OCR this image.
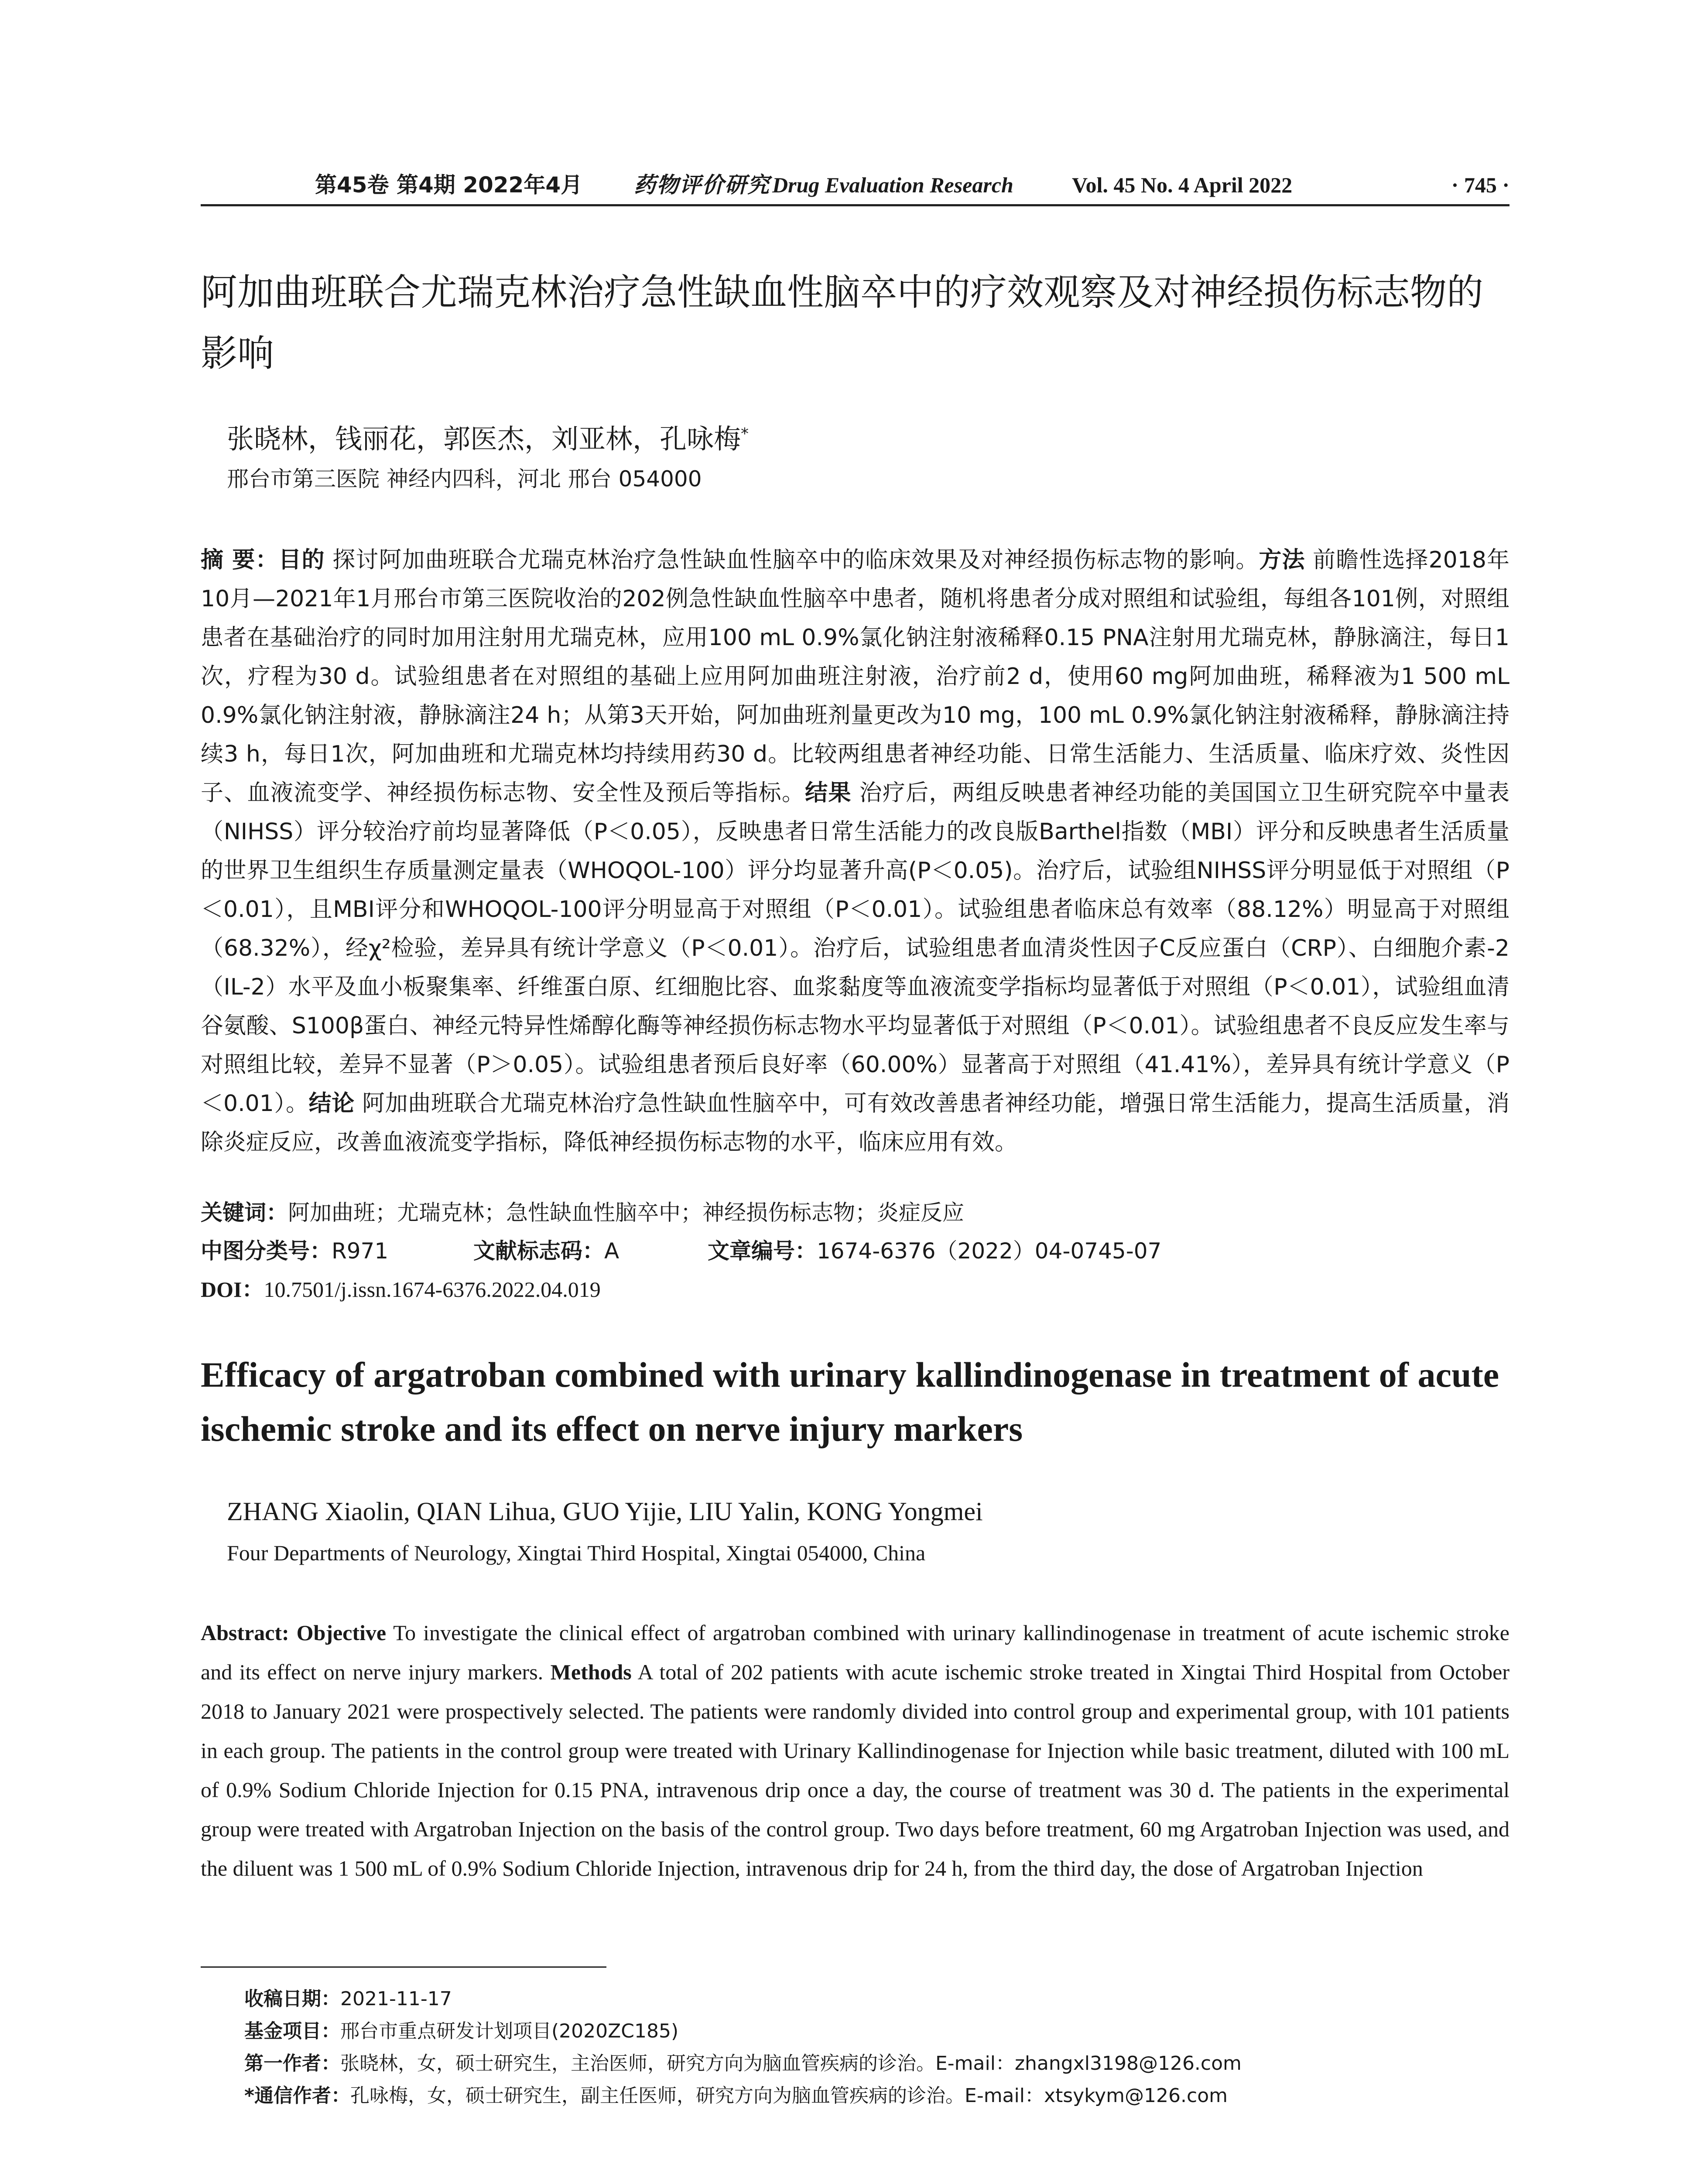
第45卷 第4期 2022年4月 药物评价研究 Drug Evaluation Research	Vol. 45 No. 4 April 2022	· 745 ·
阿加曲班联合尤瑞克林治疗急性缺血性脑卒中的疗效观察及对神经损伤标志物的影响
张晓林，钱丽花，郭医杰，刘亚林，孔咏梅*
邢台市第三医院 神经内四科，河北 邢台 054000

摘 要：目的 探讨阿加曲班联合尤瑞克林治疗急性缺血性脑卒中的临床效果及对神经损伤标志物的影响。方法 前瞻性选择2018年10月—2021年1月邢台市第三医院收治的202例急性缺血性脑卒中患者，随机将患者分成对照组和试验组，每组各101例，对照组患者在基础治疗的同时加用注射用尤瑞克林，应用100 mL 0.9%氯化钠注射液稀释0.15 PNA注射用尤瑞克林，静脉滴注，每日1次，疗程为30 d。试验组患者在对照组的基础上应用阿加曲班注射液，治疗前2 d，使用60 mg阿加曲班，稀释液为1 500 mL 0.9%氯化钠注射液，静脉滴注24 h；从第3天开始，阿加曲班剂量更改为10 mg，100 mL 0.9%氯化钠注射液稀释，静脉滴注持续3 h，每日1次，阿加曲班和尤瑞克林均持续用药30 d。比较两组患者神经功能、日常生活能力、生活质量、临床疗效、炎性因子、血液流变学、神经损伤标志物、安全性及预后等指标。结果 治疗后，两组反映患者神经功能的美国国立卫生研究院卒中量表（NIHSS）评分较治疗前均显著降低（P＜0.05），反映患者日常生活能力的改良版Barthel指数（MBI）评分和反映患者生活质量的世界卫生组织生存质量测定量表（WHOQOL-100）评分均显著升高(P＜0.05)。治疗后，试验组NIHSS评分明显低于对照组（P＜0.01），且MBI评分和WHOQOL-100评分明显高于对照组（P＜0.01）。试验组患者临床总有效率（88.12%）明显高于对照组（68.32%），经χ²检验，差异具有统计学意义（P＜0.01）。治疗后，试验组患者血清炎性因子C反应蛋白（CRP）、白细胞介素-2（IL-2）水平及血小板聚集率、纤维蛋白原、红细胞比容、血浆黏度等血液流变学指标均显著低于对照组（P＜0.01），试验组血清谷氨酸、S100β蛋白、神经元特异性烯醇化酶等神经损伤标志物水平均显著低于对照组（P＜0.01）。试验组患者不良反应发生率与对照组比较，差异不显著（P＞0.05）。试验组患者预后良好率（60.00%）显著高于对照组（41.41%），差异具有统计学意义（P＜0.01）。结论 阿加曲班联合尤瑞克林治疗急性缺血性脑卒中，可有效改善患者神经功能，增强日常生活能力，提高生活质量，消除炎症反应，改善血液流变学指标，降低神经损伤标志物的水平，临床应用有效。

关键词：阿加曲班；尤瑞克林；急性缺血性脑卒中；神经损伤标志物；炎症反应
中图分类号：R971	文献标志码：A	文章编号：1674-6376（2022）04-0745-07
DOI：10.7501/j.issn.1674-6376.2022.04.019
Efficacy of argatroban combined with urinary kallindinogenase in treatment of acute ischemic stroke and its effect on nerve injury markers
ZHANG Xiaolin, QIAN Lihua, GUO Yijie, LIU Yalin, KONG Yongmei
Four Departments of Neurology, Xingtai Third Hospital, Xingtai 054000, China

Abstract: Objective To investigate the clinical effect of argatroban combined with urinary kallindinogenase in treatment of acute ischemic stroke and its effect on nerve injury markers. Methods A total of 202 patients with acute ischemic stroke treated in Xingtai Third Hospital from October 2018 to January 2021 were prospectively selected. The patients were randomly divided into control group and experimental group, with 101 patients in each group. The patients in the control group were treated with Urinary Kallindinogenase for Injection while basic treatment, diluted with 100 mL of 0.9% Sodium Chloride Injection for 0.15 PNA, intravenous drip once a day, the course of treatment was 30 d. The patients in the experimental group were treated with Argatroban Injection on the basis of the control group. Two days before treatment, 60 mg Argatroban Injection was used, and the diluent was 1 500 mL of 0.9% Sodium Chloride Injection, intravenous drip for 24 h, from the third day, the dose of Argatroban Injection

收稿日期：2021-11-17
基金项目：邢台市重点研发计划项目(2020ZC185)
第一作者：张晓林，女，硕士研究生，主治医师，研究方向为脑血管疾病的诊治。E-mail：zhangxl3198@126.com
*通信作者：孔咏梅，女，硕士研究生，副主任医师，研究方向为脑血管疾病的诊治。E-mail：xtsykym@126.com
